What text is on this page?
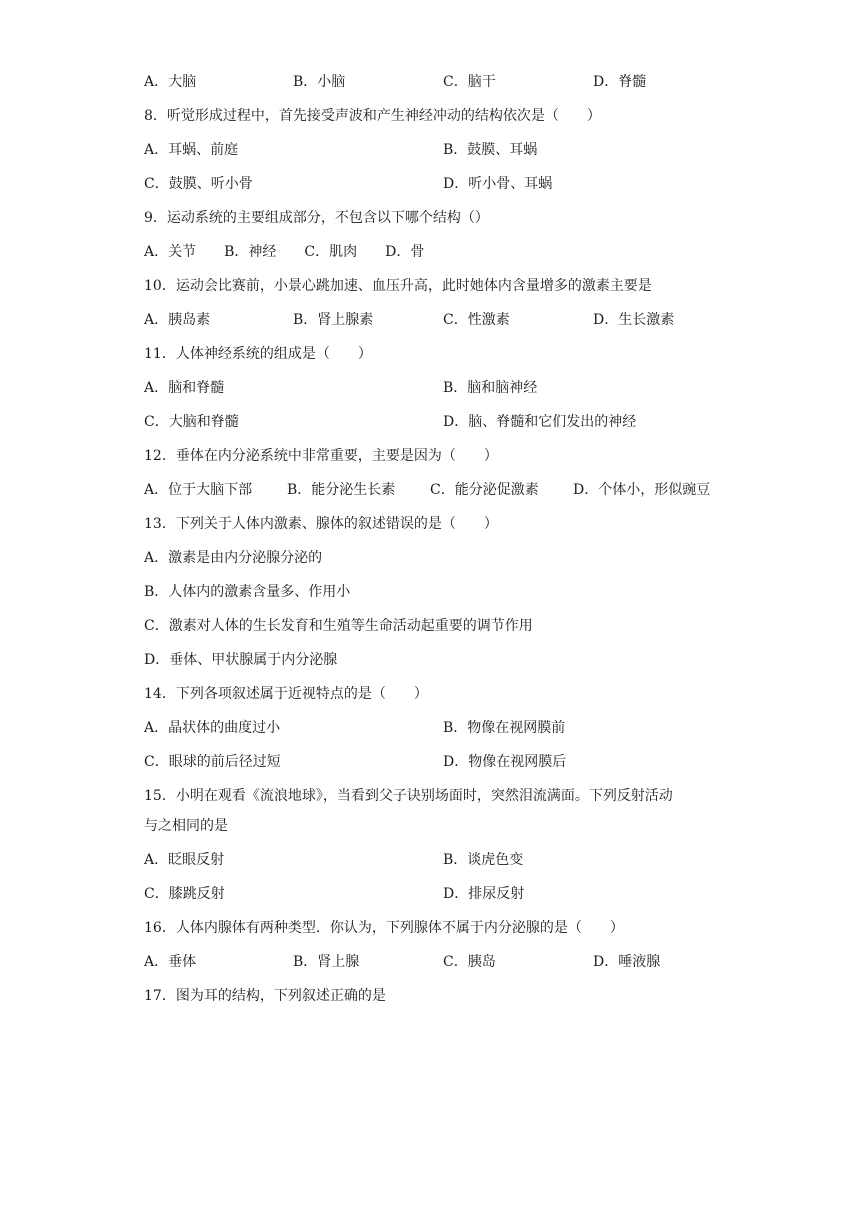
A．大脑	B．小脑	C．脑干	D．脊髓
8．听觉形成过程中，首先接受声波和产生神经冲动的结构依次是（　　）
A．耳蜗、前庭	B．鼓膜、耳蜗
C．鼓膜、听小骨	D．听小骨、耳蜗
9．运动系统的主要组成部分，不包含以下哪个结构（）
A．关节　　B．神经　　C．肌肉　　D．骨
10．运动会比赛前，小景心跳加速、血压升高，此时她体内含量增多的激素主要是
A．胰岛素	B．肾上腺素	C．性激素	D．生长激素
11．人体神经系统的组成是（　　）
A．脑和脊髓	B．脑和脑神经
C．大脑和脊髓	D．脑、脊髓和它们发出的神经
12．垂体在内分泌系统中非常重要，主要是因为（　　）
A．位于大脑下部 B．能分泌生长素 C．能分泌促激素 D．个体小，形似豌豆
13．下列关于人体内激素、腺体的叙述错误的是（　　）
A．激素是由内分泌腺分泌的
B．人体内的激素含量多、作用小
C．激素对人体的生长发育和生殖等生命活动起重要的调节作用
D．垂体、甲状腺属于内分泌腺
14．下列各项叙述属于近视特点的是（　　）
A．晶状体的曲度过小	B．物像在视网膜前
C．眼球的前后径过短	D．物像在视网膜后
15．小明在观看《流浪地球》，当看到父子诀别场面时，突然泪流满面。下列反射活动
与之相同的是
A．眨眼反射	B．谈虎色变
C．膝跳反射	D．排尿反射
16．人体内腺体有两种类型．你认为，下列腺体不属于内分泌腺的是（　　）
A．垂体	B．肾上腺	C．胰岛	D．唾液腺
17．图为耳的结构，下列叙述正确的是
